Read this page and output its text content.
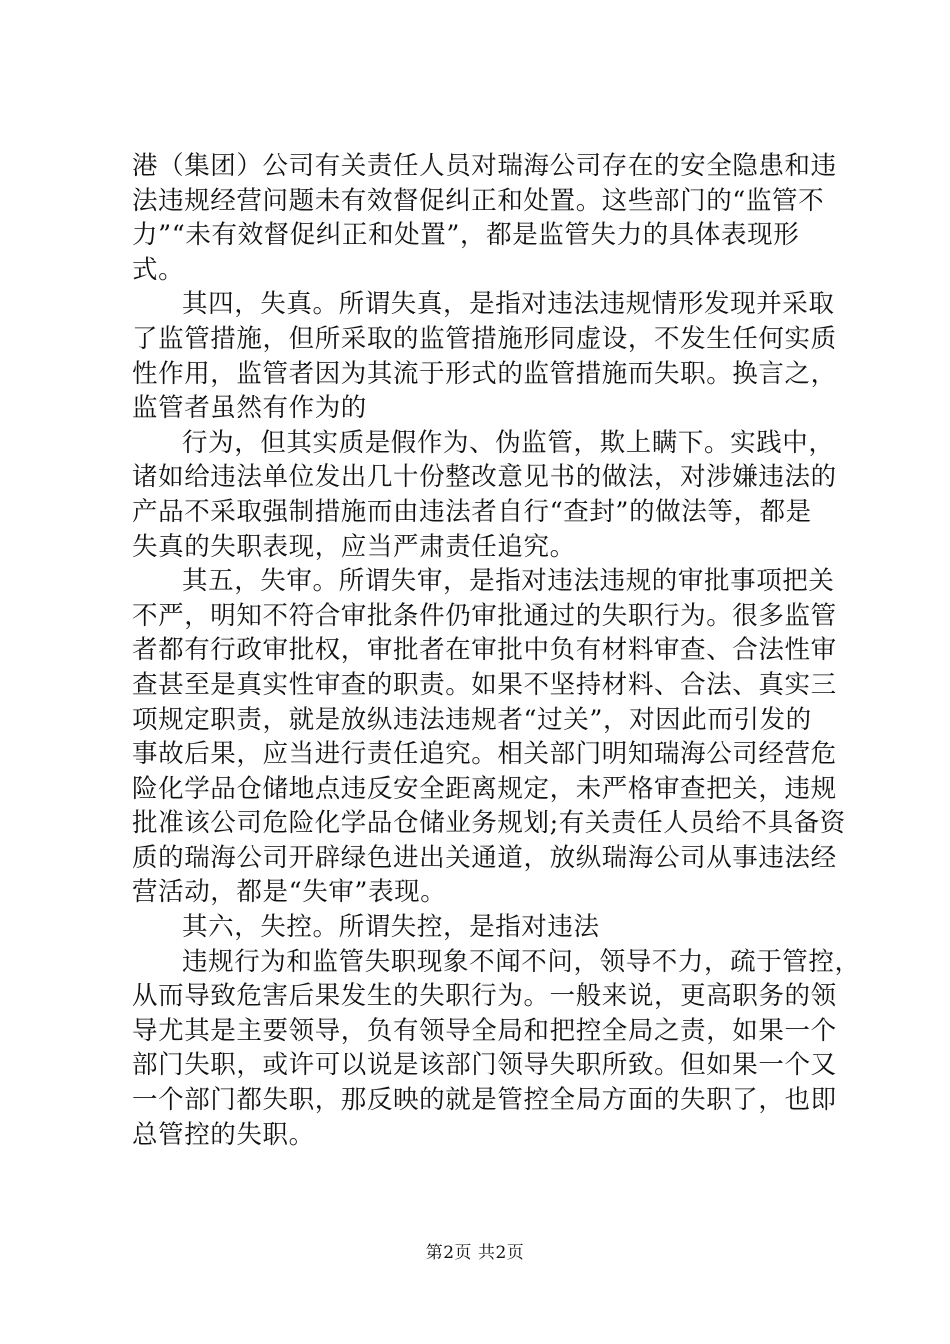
港（集团）公司有关责任人员对瑞海公司存在的安全隐患和违
法违规经营问题未有效督促纠正和处置。这些部门的“监管不
力”“未有效督促纠正和处置”，都是监管失力的具体表现形
式。
其四，失真。所谓失真，是指对违法违规情形发现并采取
了监管措施，但所采取的监管措施形同虚设，不发生任何实质
性作用，监管者因为其流于形式的监管措施而失职。换言之，
监管者虽然有作为的
行为，但其实质是假作为、伪监管，欺上瞒下。实践中，
诸如给违法单位发出几十份整改意见书的做法，对涉嫌违法的
产品不采取强制措施而由违法者自行“查封”的做法等，都是
失真的失职表现，应当严肃责任追究。
其五，失审。所谓失审，是指对违法违规的审批事项把关
不严，明知不符合审批条件仍审批通过的失职行为。很多监管
者都有行政审批权，审批者在审批中负有材料审查、合法性审
查甚至是真实性审查的职责。如果不坚持材料、合法、真实三
项规定职责，就是放纵违法违规者“过关”，对因此而引发的
事故后果，应当进行责任追究。相关部门明知瑞海公司经营危
险化学品仓储地点违反安全距离规定，未严格审查把关，违规
批准该公司危险化学品仓储业务规划;有关责任人员给不具备资
质的瑞海公司开辟绿色进出关通道，放纵瑞海公司从事违法经
营活动，都是“失审”表现。
其六，失控。所谓失控，是指对违法
违规行为和监管失职现象不闻不问，领导不力，疏于管控，
从而导致危害后果发生的失职行为。一般来说，更高职务的领
导尤其是主要领导，负有领导全局和把控全局之责，如果一个
部门失职，或许可以说是该部门领导失职所致。但如果一个又
一个部门都失职，那反映的就是管控全局方面的失职了，也即
总管控的失职。
第2页 共2页
